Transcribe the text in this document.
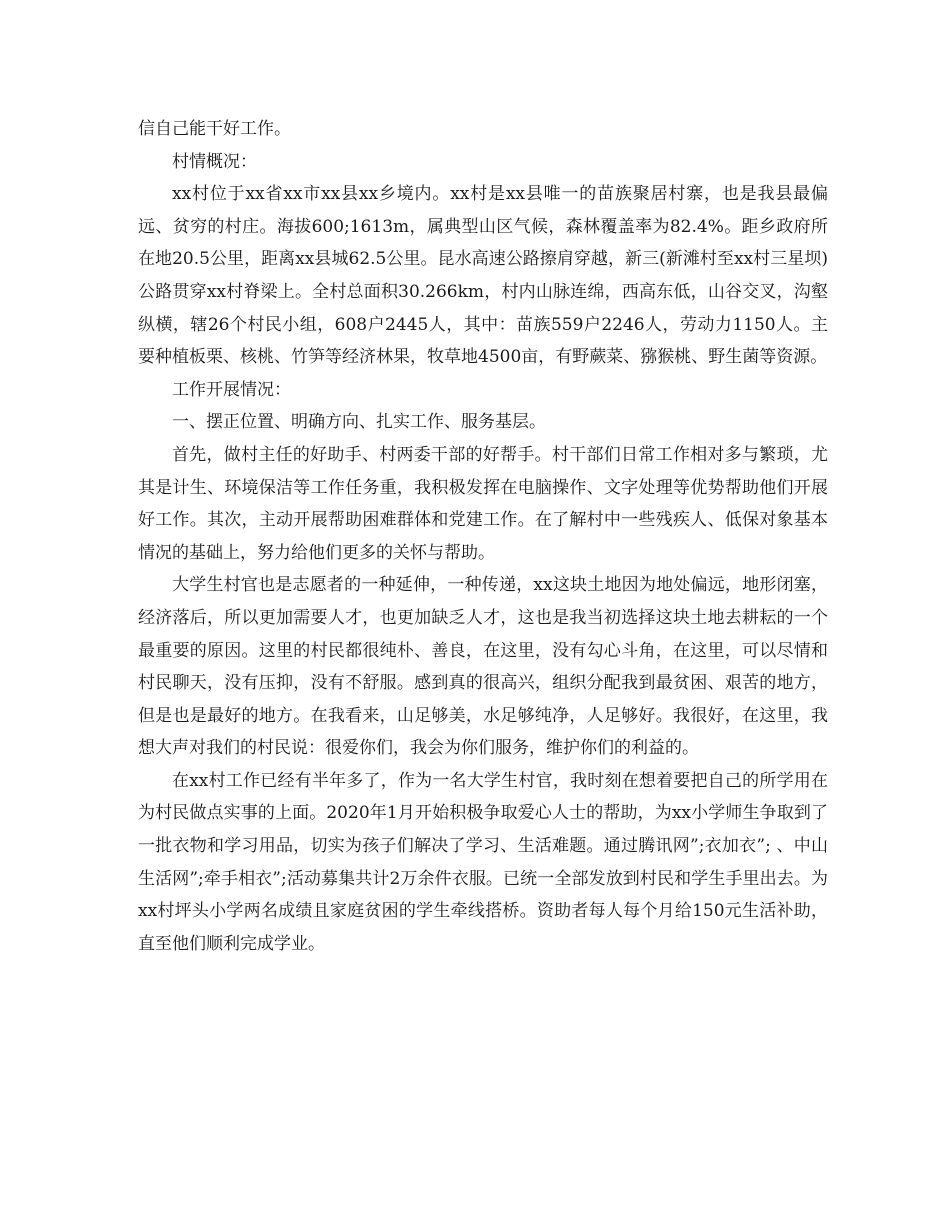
信自己能干好工作。

村情概况：

xx村位于xx省xx市xx县xx乡境内。xx村是xx县唯一的苗族聚居村寨，也是我县最偏远、贫穷的村庄。海拔600;1613m，属典型山区气候，森林覆盖率为82.4%。距乡政府所在地20.5公里，距离xx县城62.5公里。昆水高速公路擦肩穿越，新三(新滩村至xx村三星坝)公路贯穿xx村脊梁上。全村总面积30.266km，村内山脉连绵，西高东低，山谷交叉，沟壑纵横，辖26个村民小组，608户2445人，其中：苗族559户2246人，劳动力1150人。主要种植板栗、核桃、竹笋等经济林果，牧草地4500亩，有野蕨菜、猕猴桃、野生菌等资源。

工作开展情况：

一、摆正位置、明确方向、扎实工作、服务基层。

首先，做村主任的好助手、村两委干部的好帮手。村干部们日常工作相对多与繁琐，尤其是计生、环境保洁等工作任务重，我积极发挥在电脑操作、文字处理等优势帮助他们开展好工作。其次，主动开展帮助困难群体和党建工作。在了解村中一些残疾人、低保对象基本情况的基础上，努力给他们更多的关怀与帮助。

大学生村官也是志愿者的一种延伸，一种传递，xx这块土地因为地处偏远，地形闭塞，经济落后，所以更加需要人才，也更加缺乏人才，这也是我当初选择这块土地去耕耘的一个最重要的原因。这里的村民都很纯朴、善良，在这里，没有勾心斗角，在这里，可以尽情和村民聊天，没有压抑，没有不舒服。感到真的很高兴，组织分配我到最贫困、艰苦的地方，但是也是最好的地方。在我看来，山足够美，水足够纯净，人足够好。我很好，在这里，我想大声对我们的村民说：很爱你们，我会为你们服务，维护你们的利益的。

在xx村工作已经有半年多了，作为一名大学生村官，我时刻在想着要把自己的所学用在为村民做点实事的上面。2020年1月开始积极争取爱心人士的帮助，为xx小学师生争取到了一批衣物和学习用品，切实为孩子们解决了学习、生活难题。通过腾讯网”;衣加衣”; 、中山生活网”;牵手相衣”;活动募集共计2万余件衣服。已统一全部发放到村民和学生手里出去。为xx村坪头小学两名成绩且家庭贫困的学生牵线搭桥。资助者每人每个月给150元生活补助，直至他们顺利完成学业。
